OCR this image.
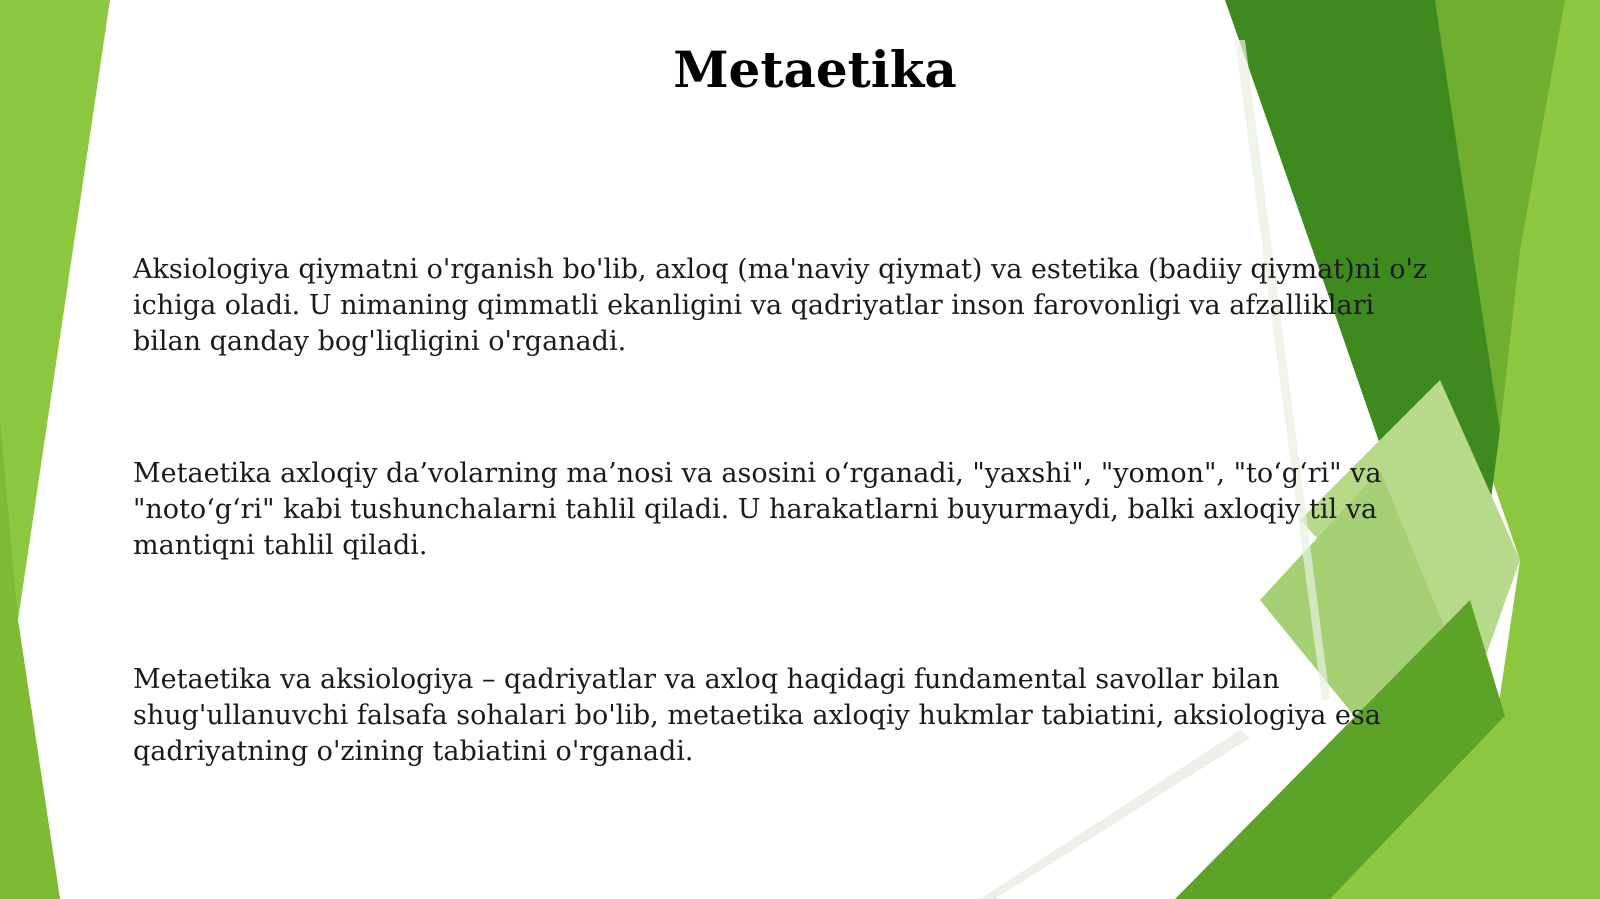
Metaetika

Aksiologiya qiymatni o'rganish bo'lib, axloq (ma'naviy qiymat) va estetika (badiiy qiymat)ni o'z
ichiga oladi. U nimaning qimmatli ekanligini va qadriyatlar inson farovonligi va afzalliklari
bilan qanday bog'liqligini o'rganadi.

Metaetika axloqiy da’volarning ma’nosi va asosini o‘rganadi, "yaxshi", "yomon", "to‘g‘ri" va
"noto‘g‘ri" kabi tushunchalarni tahlil qiladi. U harakatlarni buyurmaydi, balki axloqiy til va
mantiqni tahlil qiladi.

Metaetika va aksiologiya – qadriyatlar va axloq haqidagi fundamental savollar bilan
shug'ullanuvchi falsafa sohalari bo'lib, metaetika axloqiy hukmlar tabiatini, aksiologiya esa
qadriyatning o'zining tabiatini o'rganadi.
